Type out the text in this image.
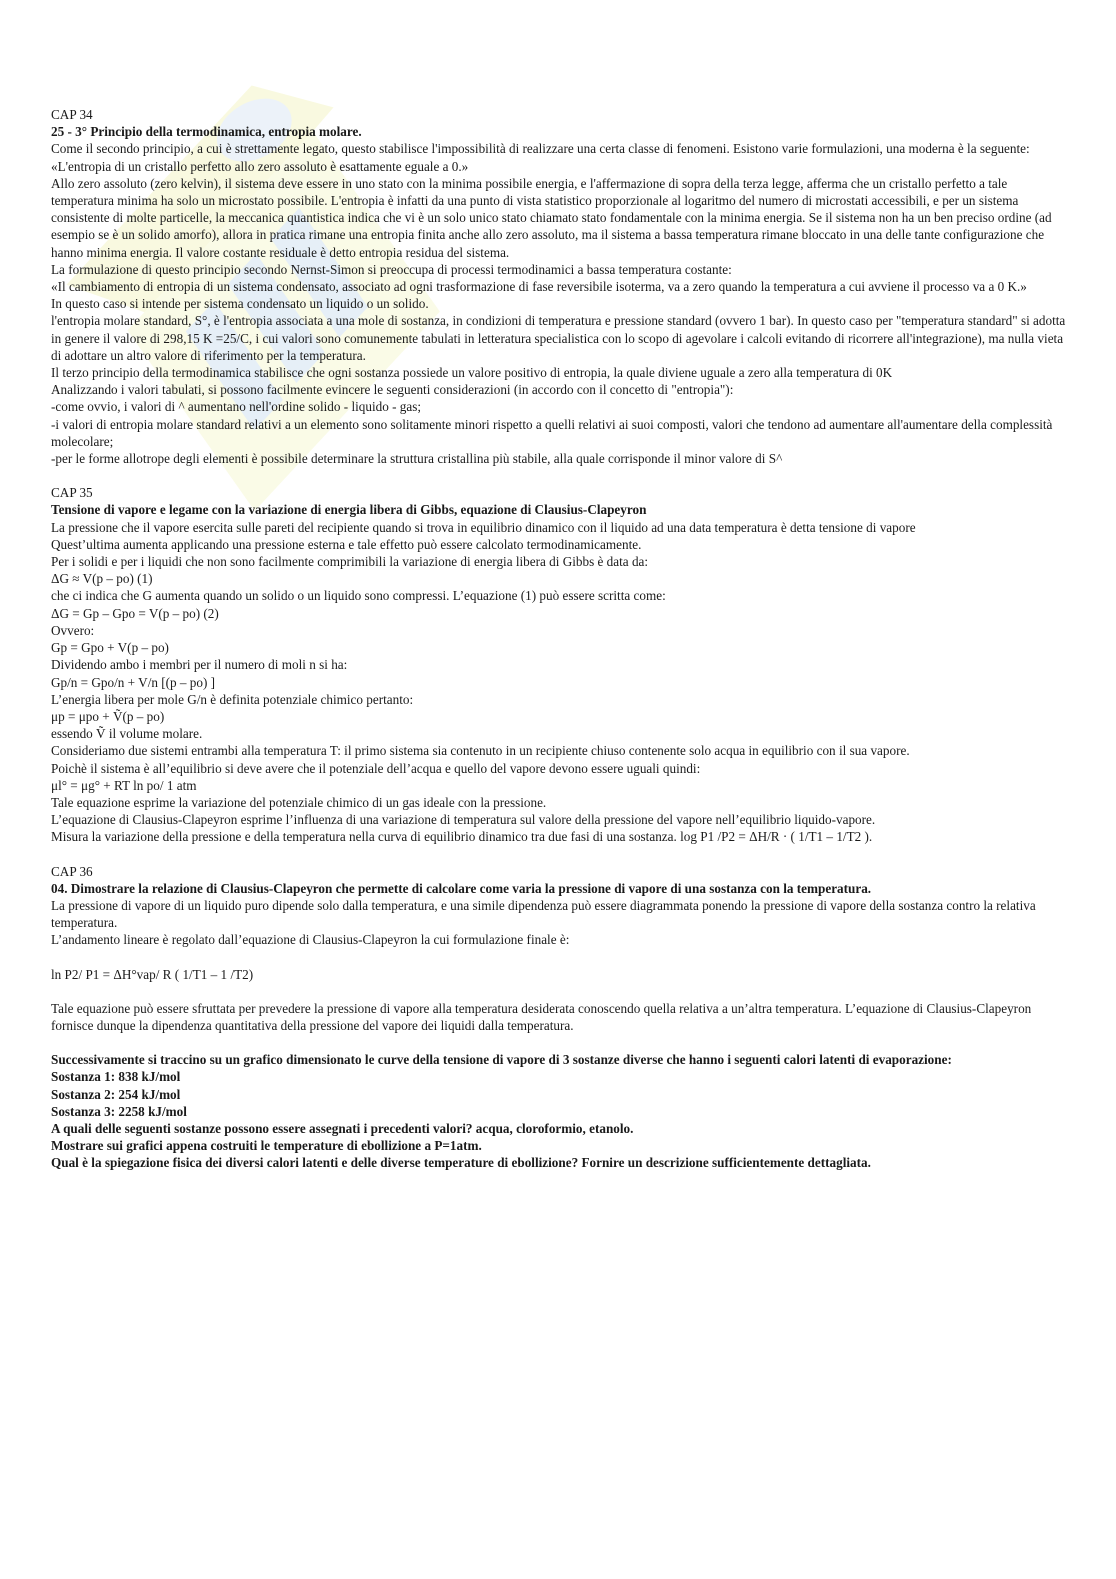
CAP 34

25 - 3° Principio della termodinamica, entropia molare.

Come il secondo principio, a cui è strettamente legato, questo stabilisce l'impossibilità di realizzare una certa classe di fenomeni. Esistono varie formulazioni, una moderna è la seguente:

«L'entropia di un cristallo perfetto allo zero assoluto è esattamente eguale a 0.»

Allo zero assoluto (zero kelvin), il sistema deve essere in uno stato con la minima possibile energia, e l'affermazione di sopra della terza legge, afferma che un cristallo perfetto a tale temperatura minima ha solo un microstato possibile. L'entropia è infatti da una punto di vista statistico proporzionale al logaritmo del numero di microstati accessibili, e per un sistema consistente di molte particelle, la meccanica quantistica indica che vi è un solo unico stato chiamato stato fondamentale con la minima energia. Se il sistema non ha un ben preciso ordine (ad esempio se è un solido amorfo), allora in pratica rimane una entropia finita anche allo zero assoluto, ma il sistema a bassa temperatura rimane bloccato in una delle tante configurazione che hanno minima energia. Il valore costante residuale è detto entropia residua del sistema.

La formulazione di questo principio secondo Nernst-Simon si preoccupa di processi termodinamici a bassa temperatura costante:

«Il cambiamento di entropia di un sistema condensato, associato ad ogni trasformazione di fase reversibile isoterma, va a zero quando la temperatura a cui avviene il processo va a 0 K.»

In questo caso si intende per sistema condensato un liquido o un solido.

l'entropia molare standard, S°, è l'entropia associata a una mole di sostanza, in condizioni di temperatura e pressione standard (ovvero 1 bar). In questo caso per "temperatura standard" si adotta in genere il valore di 298,15 K =25/C, i cui valori sono comunemente tabulati in letteratura specialistica con lo scopo di agevolare i calcoli evitando di ricorrere all'integrazione), ma nulla vieta di adottare un altro valore di riferimento per la temperatura.

Il terzo principio della termodinamica stabilisce che ogni sostanza possiede un valore positivo di entropia, la quale diviene uguale a zero alla temperatura di 0K

Analizzando i valori tabulati, si possono facilmente evincere le seguenti considerazioni (in accordo con il concetto di "entropia"):

-come ovvio, i valori di ^ aumentano nell'ordine solido - liquido - gas;

-i valori di entropia molare standard relativi a un elemento sono solitamente minori rispetto a quelli relativi ai suoi composti, valori che tendono ad aumentare all'aumentare della complessità molecolare;

-per le forme allotrope degli elementi è possibile determinare la struttura cristallina più stabile, alla quale corrisponde il minor valore di S^

CAP 35

Tensione di vapore e legame con la variazione di energia libera di Gibbs, equazione di Clausius-Clapeyron

La pressione che il vapore esercita sulle pareti del recipiente quando si trova in equilibrio dinamico con il liquido ad una data temperatura è detta tensione di vapore

Quest’ultima aumenta applicando una pressione esterna e tale effetto può essere calcolato termodinamicamente.

Per i solidi e per i liquidi che non sono facilmente comprimibili la variazione di energia libera di Gibbs è data da:

ΔG ≈ V(p – po) (1)

che ci indica che G aumenta quando un solido o un liquido sono compressi. L’equazione (1) può essere scritta come:

ΔG = Gp – Gpo = V(p – po) (2)

Ovvero:

Gp = Gpo + V(p – po)

Dividendo ambo i membri per il numero di moli n si ha:

Gp/n = Gpo/n + V/n [(p – po) ]

L’energia libera per mole G/n è definita potenziale chimico pertanto:

μp = μpo + Ṽ(p – po)

essendo Ṽ il volume molare.

Consideriamo due sistemi entrambi alla temperatura T: il primo sistema sia contenuto in un recipiente chiuso contenente solo acqua in equilibrio con il sua vapore.

Poichè il sistema è all’equilibrio si deve avere che il potenziale dell’acqua e quello del vapore devono essere uguali quindi:

μl° = μg° + RT ln po/ 1 atm

Tale equazione esprime la variazione del potenziale chimico di un gas ideale con la pressione.

L’equazione di Clausius-Clapeyron esprime l’influenza di una variazione di temperatura sul valore della pressione del vapore nell’equilibrio liquido-vapore.

Misura la variazione della pressione e della temperatura nella curva di equilibrio dinamico tra due fasi di una sostanza. log P1 /P2 = ΔH/R · ( 1/T1 – 1/T2 ).

CAP 36

04. Dimostrare la relazione di Clausius-Clapeyron che permette di calcolare come varia la pressione di vapore di una sostanza con la temperatura.

La pressione di vapore di un liquido puro dipende solo dalla temperatura, e una simile dipendenza può essere diagrammata ponendo la pressione di vapore della sostanza contro la relativa temperatura.

L’andamento lineare è regolato dall’equazione di Clausius-Clapeyron la cui formulazione finale è:

ln P2/ P1 = ΔH°vap/ R ( 1/T1 – 1 /T2)

Tale equazione può essere sfruttata per prevedere la pressione di vapore alla temperatura desiderata conoscendo quella relativa a un’altra temperatura. L’equazione di Clausius-Clapeyron fornisce dunque la dipendenza quantitativa della pressione del vapore dei liquidi dalla temperatura.

Successivamente si traccino su un grafico dimensionato le curve della tensione di vapore di 3 sostanze diverse che hanno i seguenti calori latenti di evaporazione:

Sostanza 1: 838 kJ/mol

Sostanza 2: 254 kJ/mol

Sostanza 3: 2258 kJ/mol

A quali delle seguenti sostanze possono essere assegnati i precedenti valori? acqua, cloroformio, etanolo.

Mostrare sui grafici appena costruiti le temperature di ebollizione a P=1atm.

Qual è la spiegazione fisica dei diversi calori latenti e delle diverse temperature di ebollizione? Fornire un descrizione sufficientemente dettagliata.
